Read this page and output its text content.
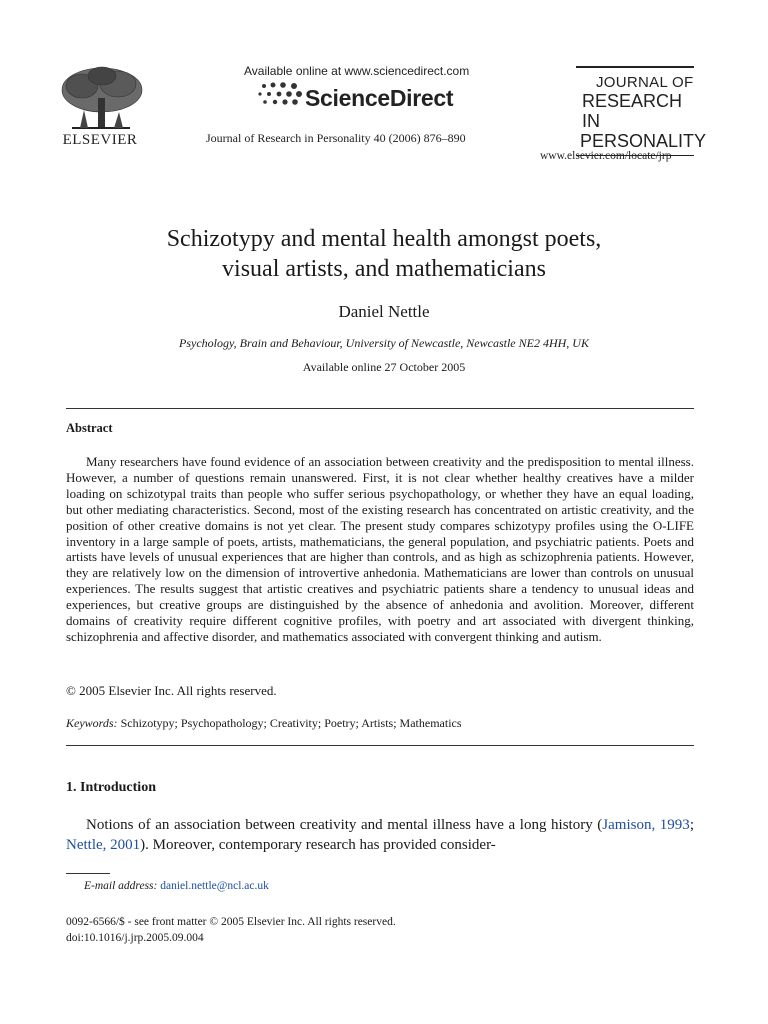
ELSEVIER
Available online at www.sciencedirect.com
ScienceDirect
Journal of Research in Personality 40 (2006) 876–890
JOURNAL OF
RESEARCH IN
PERSONALITY
www.elsevier.com/locate/jrp
Schizotypy and mental health amongst poets,
visual artists, and mathematicians
Daniel Nettle
Psychology, Brain and Behaviour, University of Newcastle, Newcastle NE2 4HH, UK
Available online 27 October 2005
Abstract

Many researchers have found evidence of an association between creativity and the predisposition to mental illness. However, a number of questions remain unanswered. First, it is not clear whether healthy creatives have a milder loading on schizotypal traits than people who suffer serious psychopathology, or whether they have an equal loading, but other mediating characteristics. Second, most of the existing research has concentrated on artistic creativity, and the position of other creative domains is not yet clear. The present study compares schizotypy profiles using the O-LIFE inventory in a large sample of poets, artists, mathematicians, the general population, and psychiatric patients. Poets and artists have levels of unusual experiences that are higher than controls, and as high as schizophrenia patients. However, they are relatively low on the dimension of introvertive anhedonia. Mathematicians are lower than controls on unusual experiences. The results suggest that artistic creatives and psychiatric patients share a tendency to unusual ideas and experiences, but creative groups are distinguished by the absence of anhedonia and avolition. Moreover, different domains of creativity require different cognitive profiles, with poetry and art associated with divergent thinking, schizophrenia and affective disorder, and mathematics associated with convergent thinking and autism.

© 2005 Elsevier Inc. All rights reserved.
Keywords: Schizotypy; Psychopathology; Creativity; Poetry; Artists; Mathematics
1. Introduction

Notions of an association between creativity and mental illness have a long history (Jamison, 1993; Nettle, 2001). Moreover, contemporary research has provided consider-

E-mail address: daniel.nettle@ncl.ac.uk
0092-6566/$ - see front matter © 2005 Elsevier Inc. All rights reserved.
doi:10.1016/j.jrp.2005.09.004
